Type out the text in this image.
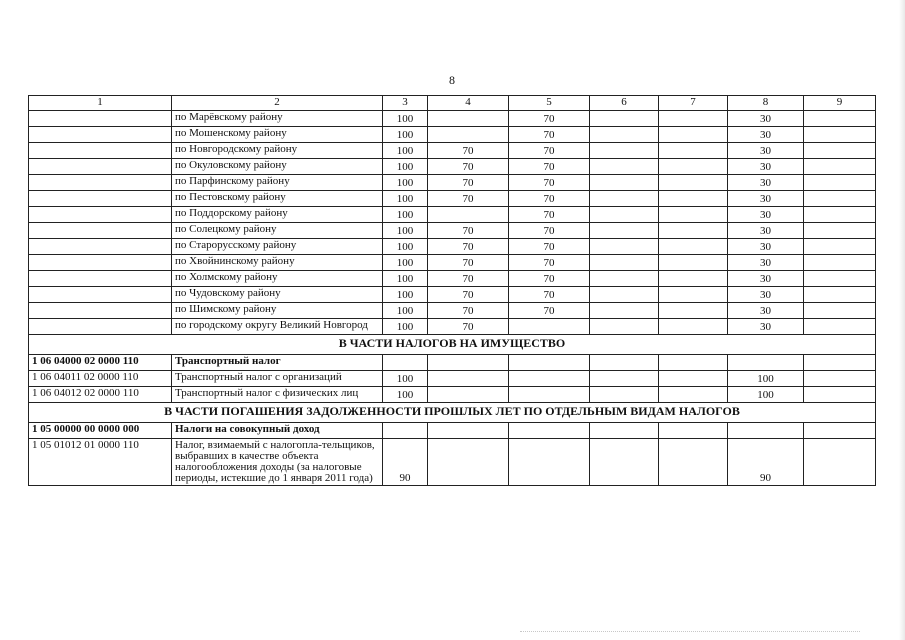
8
1	2	3	4	5	6	7	8	9
	по Марёвскому району	100		70			30	
	по Мошенскому району	100		70			30	
	по Новгородскому району	100	70	70			30	
	по Окуловскому району	100	70	70			30	
	по Парфинскому району	100	70	70			30	
	по Пестовскому району	100	70	70			30	
	по Поддорскому району	100		70			30	
	по Солецкому району	100	70	70			30	
	по Старорусскому району	100	70	70			30	
	по Хвойнинскому району	100	70	70			30	
	по Холмскому району	100	70	70			30	
	по Чудовскому району	100	70	70			30	
	по Шимскому району	100	70	70			30	
	по городскому округу Великий Новгород	100	70				30	
В ЧАСТИ НАЛОГОВ НА ИМУЩЕСТВО								
1 06 04000 02 0000 110	Транспортный налог							
1 06 04011 02 0000 110	Транспортный налог с организаций	100					100	
1 06 04012 02 0000 110	Транспортный налог с физических лиц	100					100	
В ЧАСТИ ПОГАШЕНИЯ ЗАДОЛЖЕННОСТИ ПРОШЛЫХ ЛЕТ ПО ОТДЕЛЬНЫМ ВИДАМ НАЛОГОВ								
1 05 00000 00 0000 000	Налоги на совокупный доход							
1 05 01012 01 0000 110	Налог, взимаемый с налогопла-тельщиков, выбравших в качестве объекта налогообложения доходы (за налоговые периоды, истекшие до 1 января 2011 года)	90					90	
